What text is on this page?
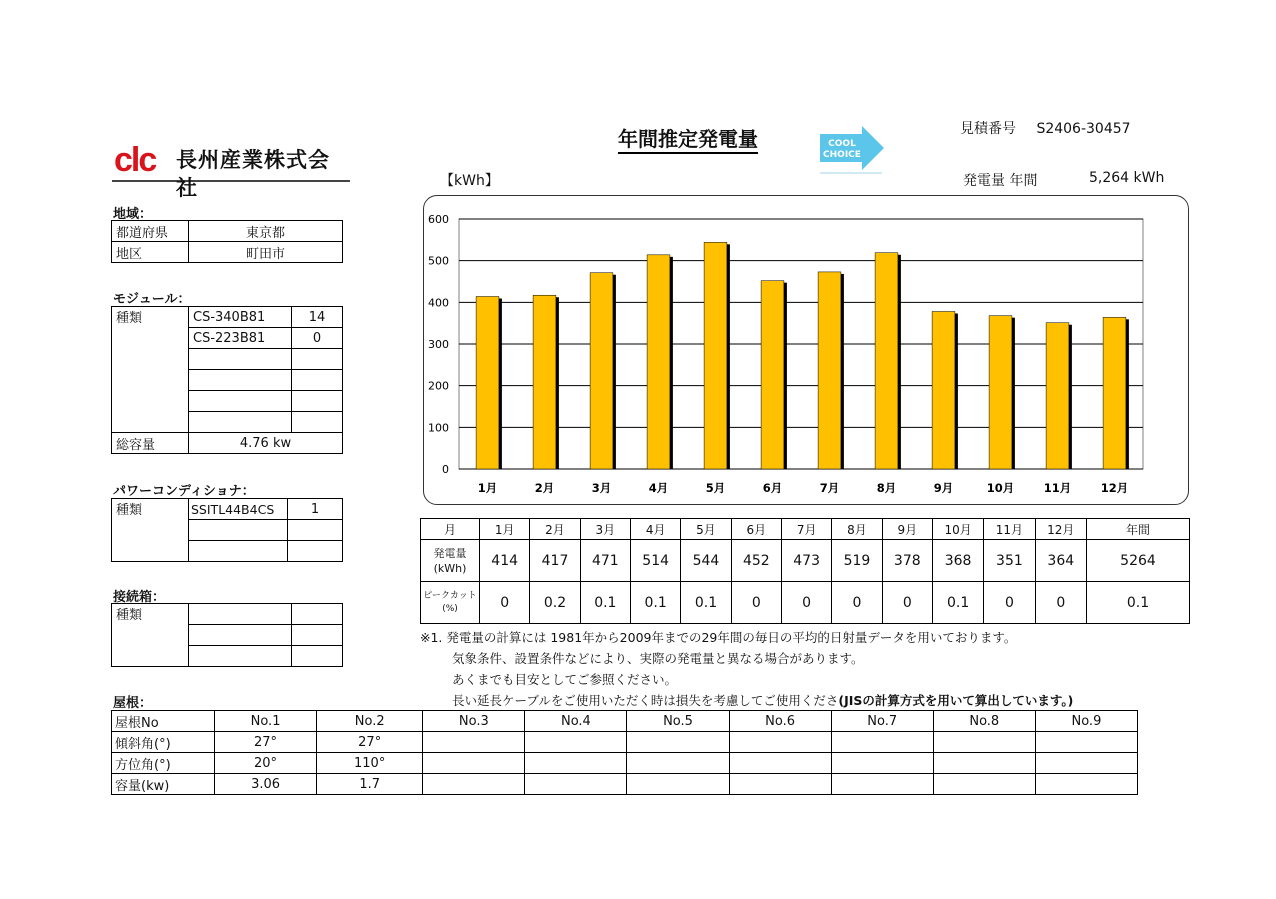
clc 長州産業株式会社
年間推定発電量	COOL
CHOICE
見積番号 S2406-30457
【kWh】	発電量 年間	5,264 kWh
地域：
都道府県	東京都
地区	町田市
モジュール：
種類	CS-340B81	14
	CS-223B81	0

総容量	4.76 kw	
パワーコンディショナ：
種類	SSITL44B4CS	1

接続箱：
種類		

0
100
200
300
400
500
600
1月	2月	3月	4月	5月	6月	7月	8月	9月	10月	11月	12月
月	1月	2月	3月	4月	5月	6月	7月	8月	9月	10月	11月	12月	年間

発電量
(kWh)	414	417	471	514	544	452	473	519	378	368	351	364	5264

ピークカット
(%)	0	0.2	0.1	0.1	0.1	0	0	0	0	0.1	0	0	0.1
※1. 発電量の計算には 1981年から2009年までの29年間の毎日の平均的日射量データを用いております。
気象条件、設置条件などにより、実際の発電量と異なる場合があります。
あくまでも目安としてご参照ください。
長い延長ケーブルをご使用いただく時は損失を考慮してご使用くださ(JISの計算方式を用いて算出しています。)
屋根：
屋根No	No.1	No.2	No.3	No.4	No.5	No.6	No.7	No.8	No.9
傾斜角(°)	27°	27°							
方位角(°)	20°	110°							
容量(kw)	3.06	1.7							
